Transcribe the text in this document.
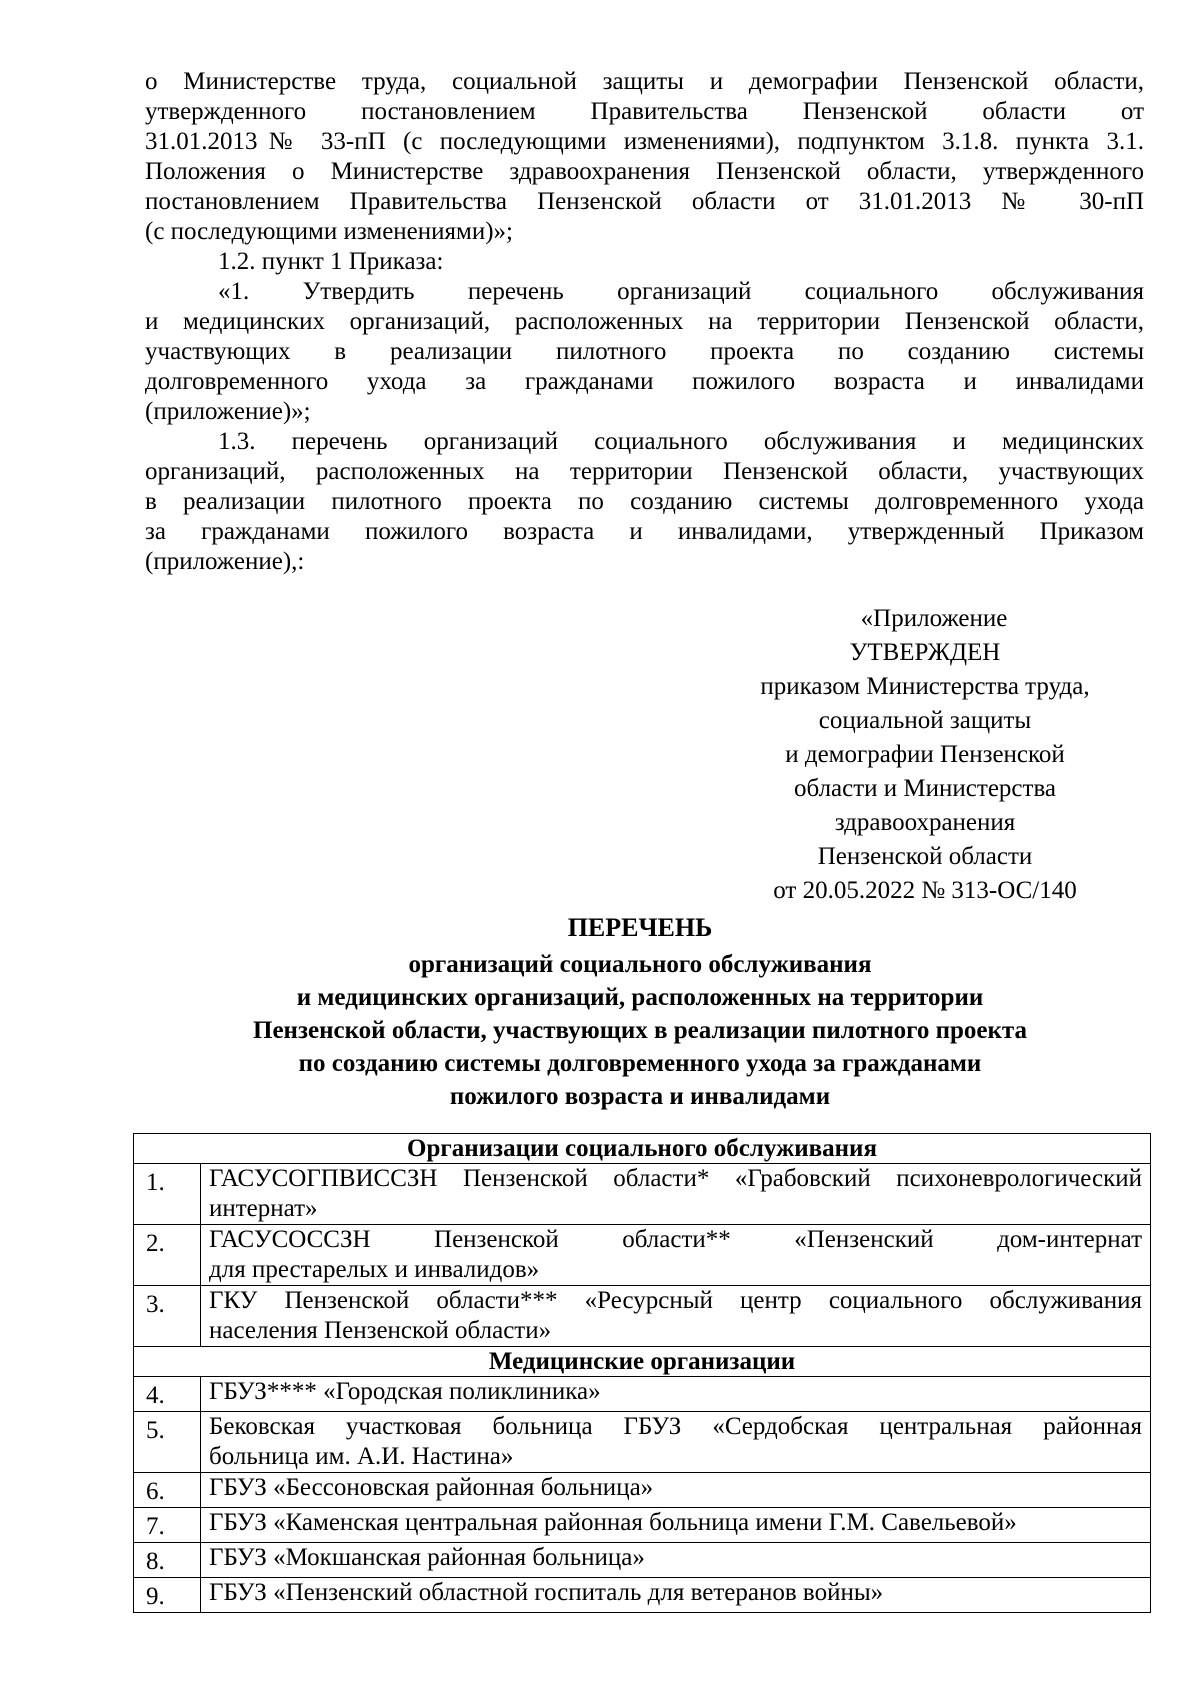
о Министерстве труда, социальной защиты и демографии Пензенской области,
утвержденного постановлением Правительства Пензенской области от
31.01.2013№ 33-пП (с последующими изменениями), подпунктом 3.1.8. пункта 3.1.
Положения о Министерстве здравоохранения Пензенской области, утвержденного
постановлением Правительства Пензенской области от 31.01.2013 № 30-пП
(с последующими изменениями)»;
1.2. пункт 1 Приказа:
«1. Утвердить перечень организаций социального обслуживания
и медицинских организаций, расположенных на территории Пензенской области,
участвующих в реализации пилотного проекта по созданию системы
долговременного ухода за гражданами пожилого возраста и инвалидами
(приложение)»;
1.3. перечень организаций социального обслуживания и медицинских
организаций, расположенных на территории Пензенской области, участвующих
в реализации пилотного проекта по созданию системы долговременного ухода
за гражданами пожилого возраста и инвалидами, утвержденный Приказом
(приложение),:
«Приложение
УТВЕРЖДЕН
приказом Министерства труда,
социальной защиты
и демографии Пензенской
области и Министерства
здравоохранения
Пензенской области
от 20.05.2022 № 313-ОС/140
ПЕРЕЧЕНЬ
организаций социального обслуживания
и медицинских организаций, расположенных на территории
Пензенской области, участвующих в реализации пилотного проекта
по созданию системы долговременного ухода за гражданами
пожилого возраста и инвалидами
Организации социального обслуживания	
1.	ГАСУСОГПВИССЗН Пензенской области* «Грабовский психоневрологический
интернат»

2.	ГАСУСОССЗН Пензенской области** «Пензенский дом-интернат
для престарелых и инвалидов»

3.	ГКУ Пензенской области*** «Ресурсный центр социального обслуживания
населения Пензенской области»

Медицинские организации	
4.	ГБУЗ**** «Городская поликлиника»

5.	Бековская участковая больница ГБУЗ «Сердобская центральная районная
больница им. А.И. Настина»

6.	ГБУЗ «Бессоновская районная больница»

7.	ГБУЗ «Каменская центральная районная больница имени Г.М. Савельевой»

8.	ГБУЗ «Мокшанская районная больница»

9.	ГБУЗ «Пензенский областной госпиталь для ветеранов войны»
